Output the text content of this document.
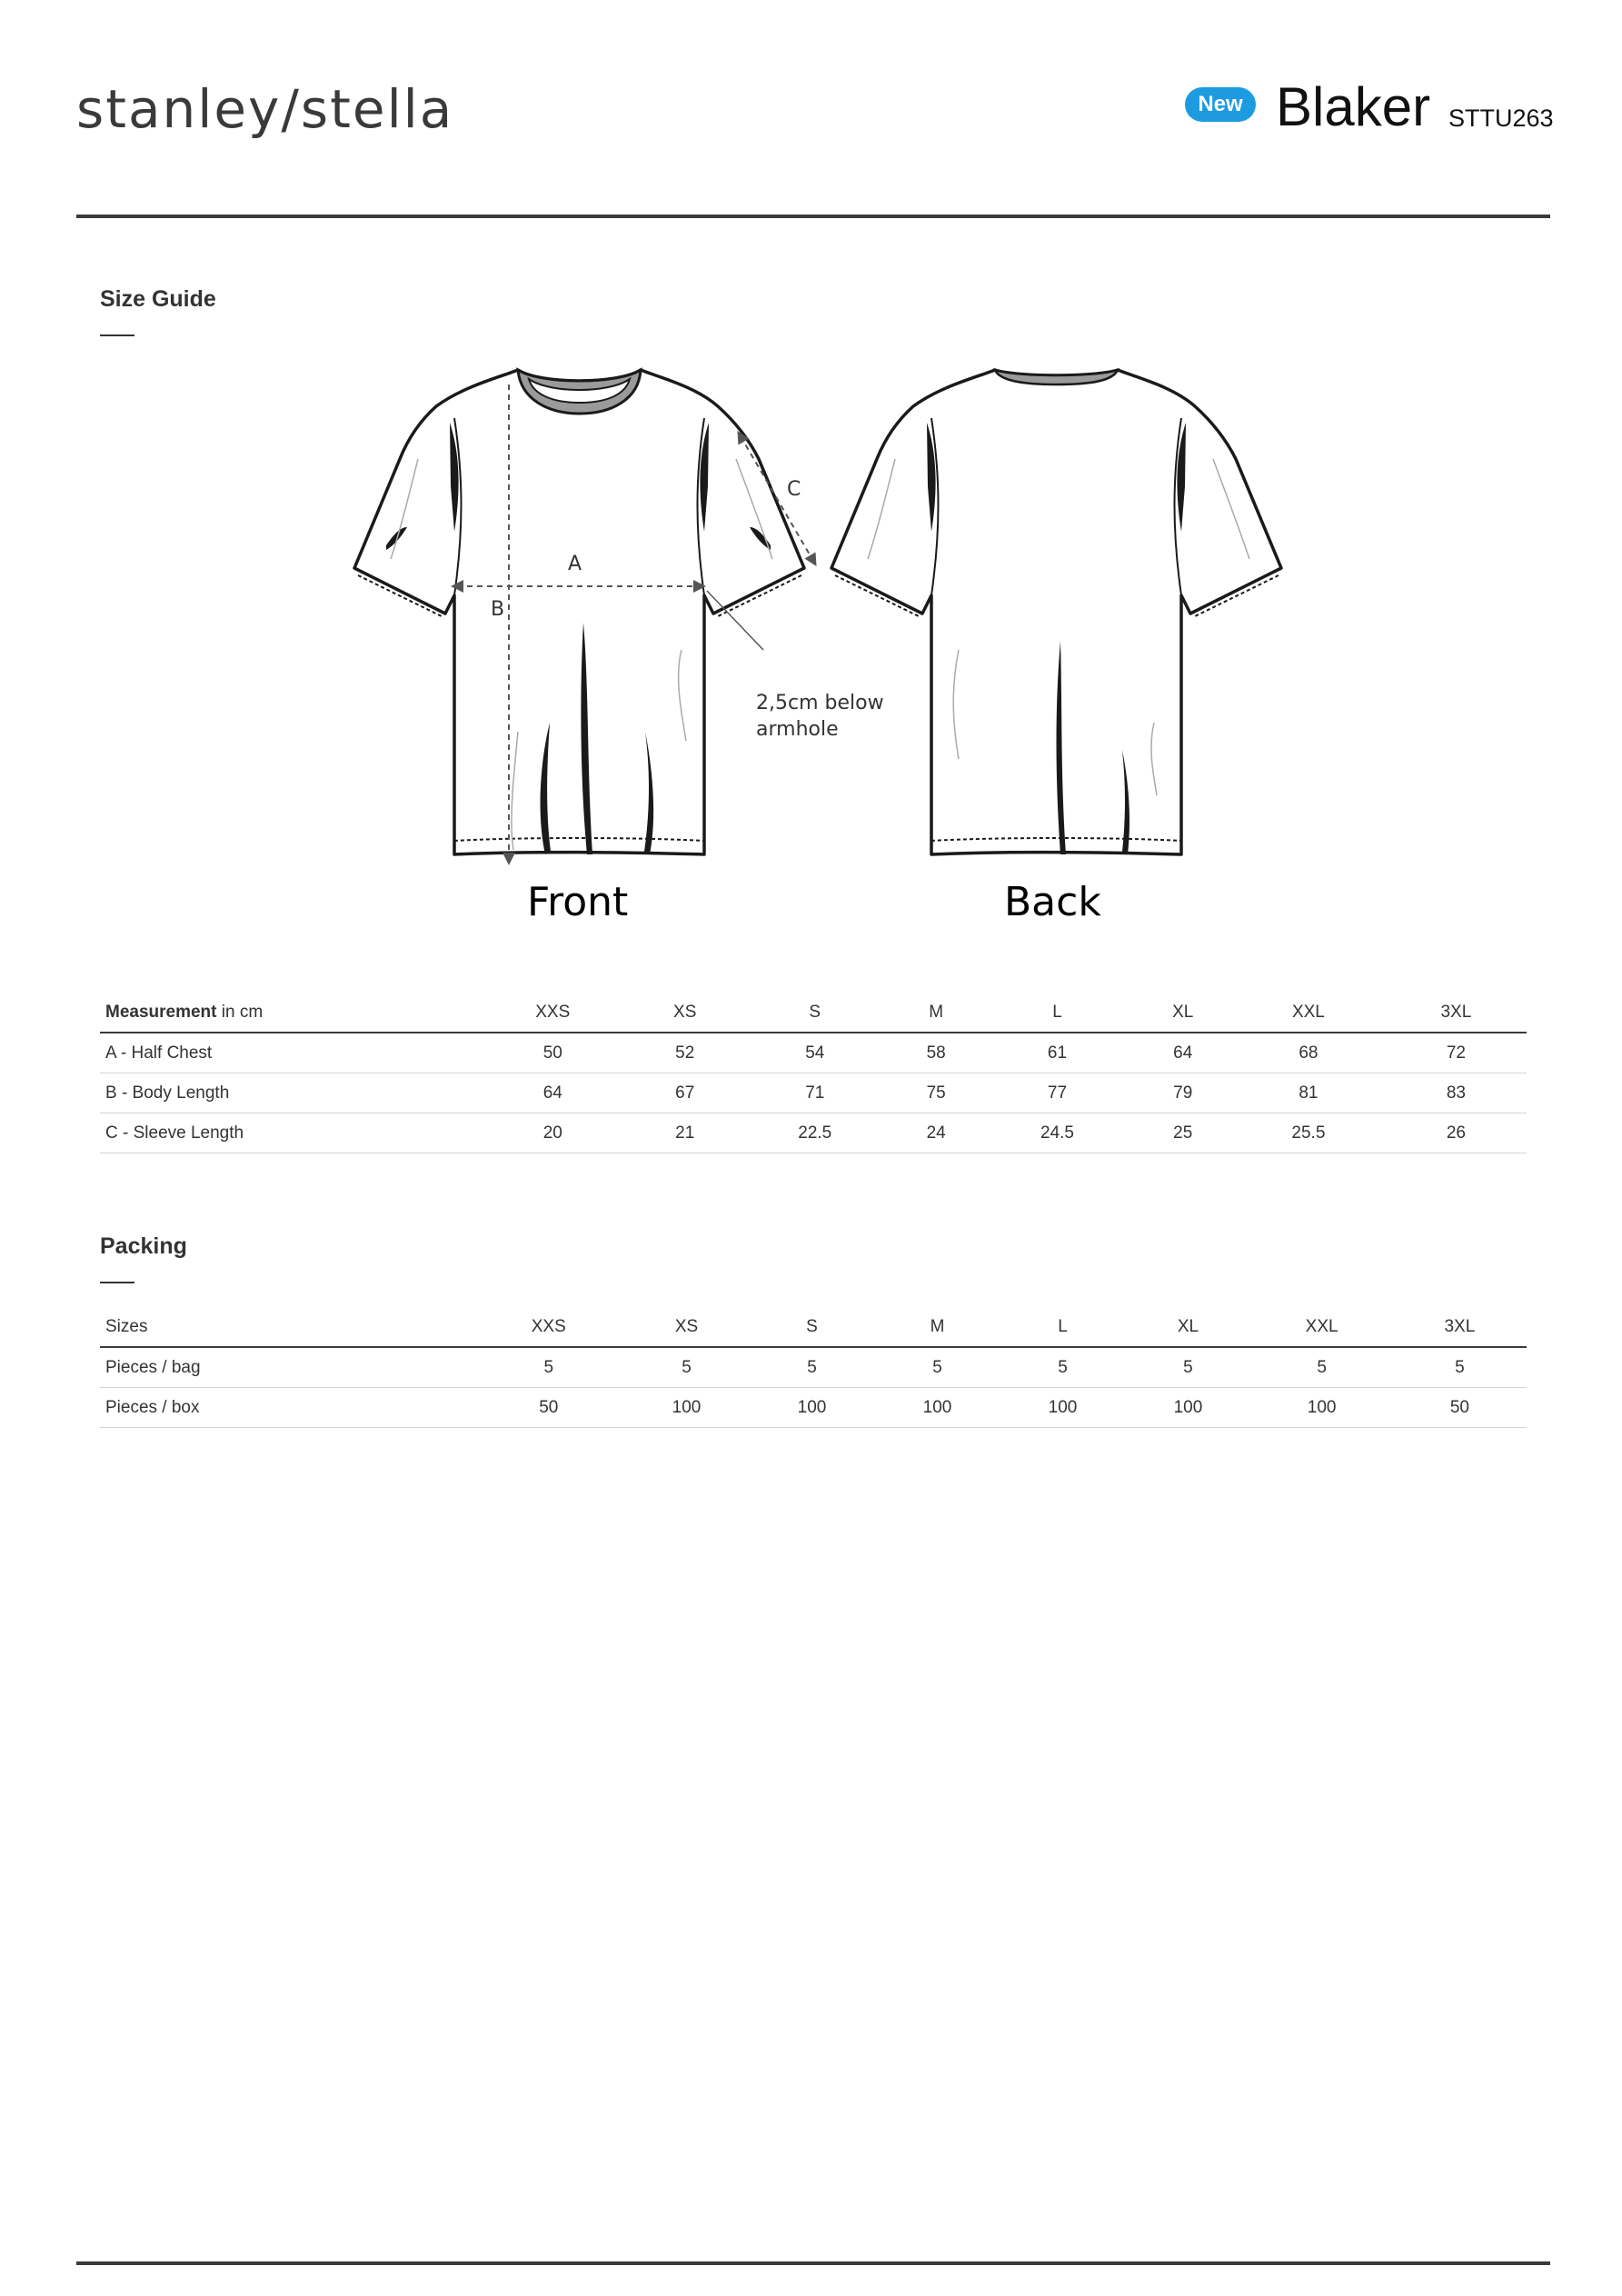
stanley/stella	New Blaker STTU263
Size Guide
A
B
C
2,5cm below
armhole
Front	Back
Measurement in cm	XXS	XS	S	M	L	XL	XXL	3XL
A - Half Chest	50	52	54	58	61	64	68	72
B - Body Length	64	67	71	75	77	79	81	83
C - Sleeve Length	20	21	22.5	24	24.5	25	25.5	26
Packing
Sizes	XXS	XS	S	M	L	XL	XXL	3XL
Pieces / bag	5	5	5	5	5	5	5	5
Pieces / box	50	100	100	100	100	100	100	50
